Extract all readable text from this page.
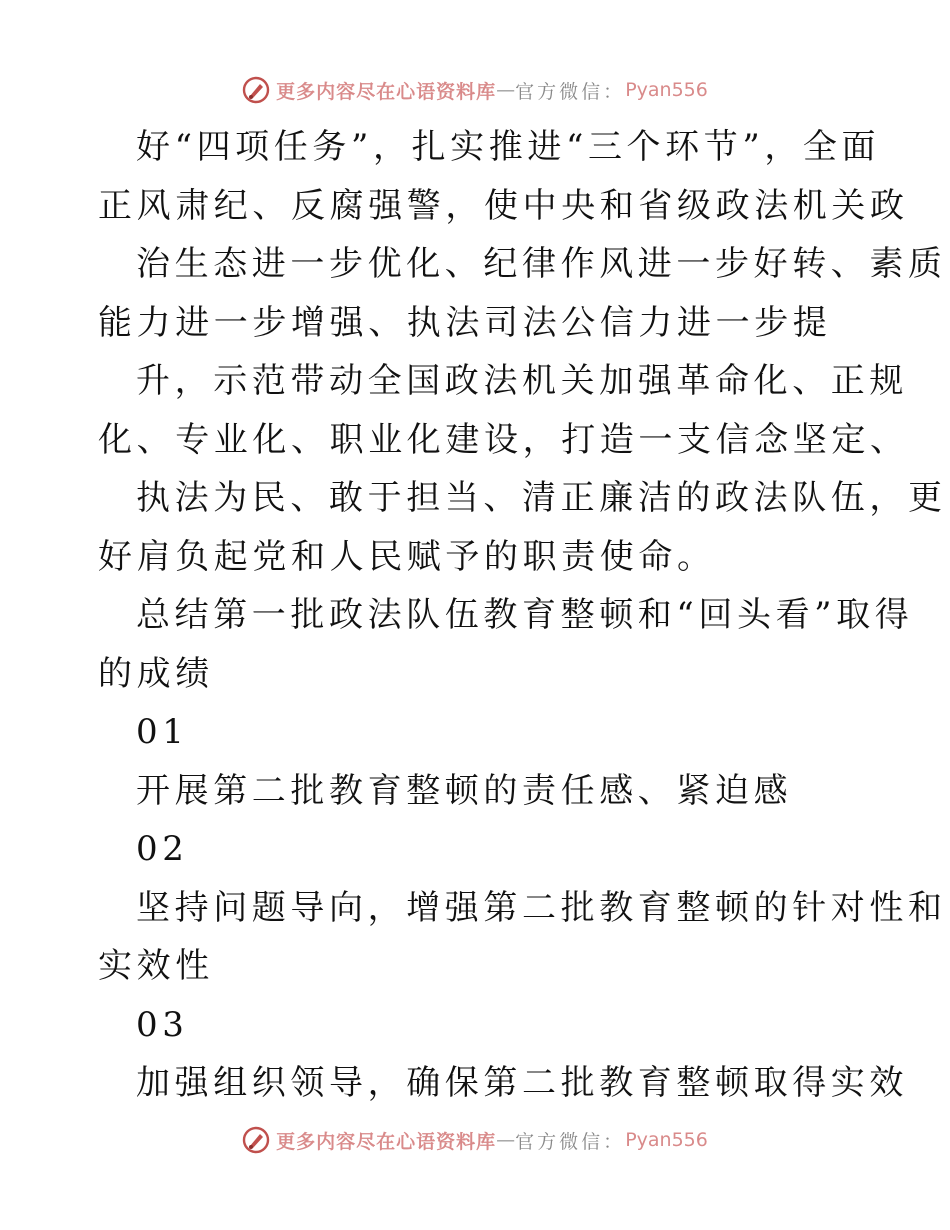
更多内容尽在心语资料库 — 官方微信： Pyan556
好“四项任务”，扎实推进“三个环节”，全面
正风肃纪、反腐强警，使中央和省级政法机关政
治生态进一步优化、纪律作风进一步好转、素质
能力进一步增强、执法司法公信力进一步提
升，示范带动全国政法机关加强革命化、正规
化、专业化、职业化建设，打造一支信念坚定、
执法为民、敢于担当、清正廉洁的政法队伍，更
好肩负起党和人民赋予的职责使命。
总结第一批政法队伍教育整顿和“回头看”取得
的成绩
01
开展第二批教育整顿的责任感、紧迫感
02
坚持问题导向，增强第二批教育整顿的针对性和
实效性
03
加强组织领导，确保第二批教育整顿取得实效
更多内容尽在心语资料库 — 官方微信： Pyan556
